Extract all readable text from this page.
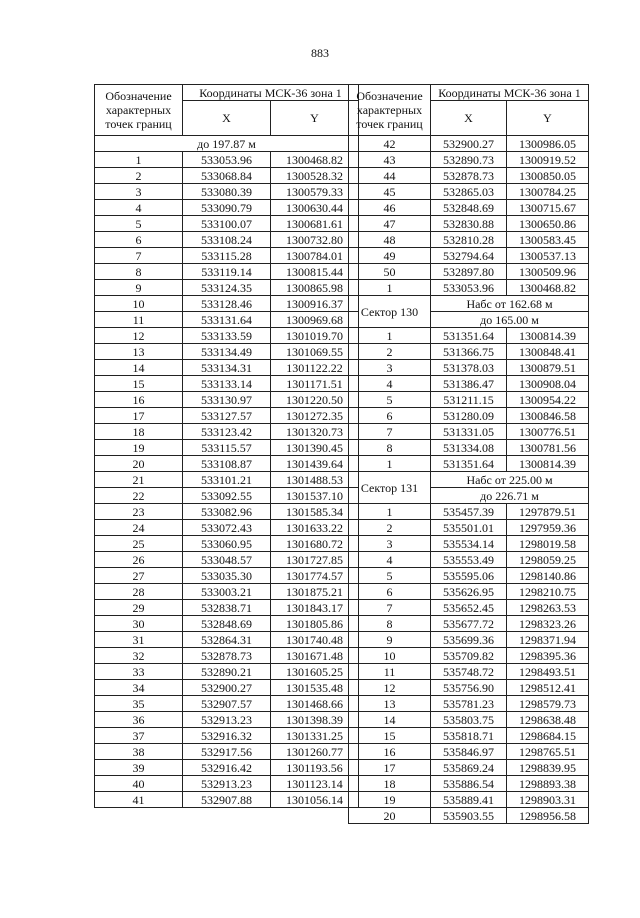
883
Обозначение характерных точек границ	Координаты МСК-36 зона 1	
	X	Y
до 197.87 м		
1	533053.96	1300468.82
2	533068.84	1300528.32
3	533080.39	1300579.33
4	533090.79	1300630.44
5	533100.07	1300681.61
6	533108.24	1300732.80
7	533115.28	1300784.01
8	533119.14	1300815.44
9	533124.35	1300865.98
10	533128.46	1300916.37
11	533131.64	1300969.68
12	533133.59	1301019.70
13	533134.49	1301069.55
14	533134.31	1301122.22
15	533133.14	1301171.51
16	533130.97	1301220.50
17	533127.57	1301272.35
18	533123.42	1301320.73
19	533115.57	1301390.45
20	533108.87	1301439.64
21	533101.21	1301488.53
22	533092.55	1301537.10
23	533082.96	1301585.34
24	533072.43	1301633.22
25	533060.95	1301680.72
26	533048.57	1301727.85
27	533035.30	1301774.57
28	533003.21	1301875.21
29	532838.71	1301843.17
30	532848.69	1301805.86
31	532864.31	1301740.48
32	532878.73	1301671.48
33	532890.21	1301605.25
34	532900.27	1301535.48
35	532907.57	1301468.66
36	532913.23	1301398.39
37	532916.32	1301331.25
38	532917.56	1301260.77
39	532916.42	1301193.56
40	532913.23	1301123.14
41	532907.88	1301056.14
Обозначение характерных точек границ	Координаты МСК-36 зона 1	
	X	Y
42	532900.27	1300986.05
43	532890.73	1300919.52
44	532878.73	1300850.05
45	532865.03	1300784.25
46	532848.69	1300715.67
47	532830.88	1300650.86
48	532810.28	1300583.45
49	532794.64	1300537.13
50	532897.80	1300509.96
1	533053.96	1300468.82
Сектор 130	Набс от 162.68 м	
	до 165.00 м	
1	531351.64	1300814.39
2	531366.75	1300848.41
3	531378.03	1300879.51
4	531386.47	1300908.04
5	531211.15	1300954.22
6	531280.09	1300846.58
7	531331.05	1300776.51
8	531334.08	1300781.56
1	531351.64	1300814.39
Сектор 131	Набс от 225.00 м	
	до 226.71 м	
1	535457.39	1297879.51
2	535501.01	1297959.36
3	535534.14	1298019.58
4	535553.49	1298059.25
5	535595.06	1298140.86
6	535626.95	1298210.75
7	535652.45	1298263.53
8	535677.72	1298323.26
9	535699.36	1298371.94
10	535709.82	1298395.36
11	535748.72	1298493.51
12	535756.90	1298512.41
13	535781.23	1298579.73
14	535803.75	1298638.48
15	535818.71	1298684.15
16	535846.97	1298765.51
17	535869.24	1298839.95
18	535886.54	1298893.38
19	535889.41	1298903.31
20	535903.55	1298956.58
